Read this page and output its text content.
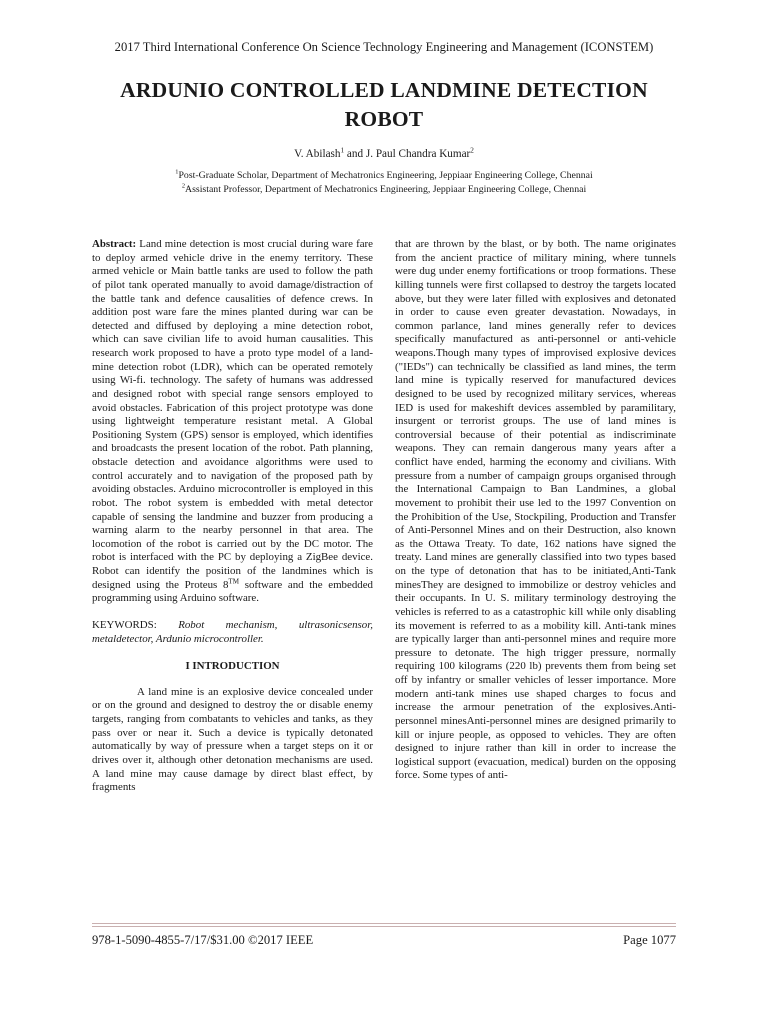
2017 Third International Conference On Science Technology Engineering and Management (ICONSTEM)
ARDUNIO CONTROLLED LANDMINE DETECTION
ROBOT
V. Abilash$^1$ and J. Paul Chandra Kumar$^2$
$^1$Post-Graduate Scholar, Department of Mechatronics Engineering, Jeppiaar Engineering College, Chennai
$^2$Assistant Professor, Department of Mechatronics Engineering, Jeppiaar Engineering College, Chennai

Abstract: Land mine detection is most crucial during ware fare to deploy armed vehicle drive in the enemy territory. These armed vehicle or Main battle tanks are used to follow the path of pilot tank operated manually to avoid damage/distraction of the battle tank and defence causalities of defence crews. In addition post ware fare the mines planted during war can be detected and diffused by deploying a mine detection robot, which can save civilian life to avoid human causalities. This research work proposed to have a proto type model of a land-mine detection robot (LDR), which can be operated remotely using Wi-fi. technology. The safety of humans was addressed and designed robot with special range sensors employed to avoid obstacles. Fabrication of this project prototype was done using lightweight temperature resistant metal. A Global Positioning System (GPS) sensor is employed, which identifies and broadcasts the present location of the robot. Path planning, obstacle detection and avoidance algorithms were used to control accurately and to navigation of the proposed path by avoiding obstacles. Arduino microcontroller is employed in this robot. The robot system is embedded with metal detector capable of sensing the landmine and buzzer from producing a warning alarm to the nearby personnel in that area. The locomotion of the robot is carried out by the DC motor. The robot is interfaced with the PC by deploying a ZigBee device. Robot can identify the position of the landmines which is designed using the Proteus 8™ software and the embedded programming using Arduino software.

KEYWORDS: Robot mechanism, ultrasonicsensor, metaldetector, Ardunio microcontroller.

I INTRODUCTION

A land mine is an explosive device concealed under or on the ground and designed to destroy the or disable enemy targets, ranging from combatants to vehicles and tanks, as they pass over or near it. Such a device is typically detonated automatically by way of pressure when a target steps on it or drives over it, although other detonation mechanisms are used. A land mine may cause damage by direct blast effect, by fragments

that are thrown by the blast, or by both. The name originates from the ancient practice of military mining, where tunnels were dug under enemy fortifications or troop formations. These killing tunnels were first collapsed to destroy the targets located above, but they were later filled with explosives and detonated in order to cause even greater devastation. Nowadays, in common parlance, land mines generally refer to devices specifically manufactured as anti-personnel or anti-vehicle weapons.Though many types of improvised explosive devices ("IEDs") can technically be classified as land mines, the term land mine is typically reserved for manufactured devices designed to be used by recognized military services, whereas IED is used for makeshift devices assembled by paramilitary, insurgent or terrorist groups. The use of land mines is controversial because of their potential as indiscriminate weapons. They can remain dangerous many years after a conflict have ended, harming the economy and civilians. With pressure from a number of campaign groups organised through the International Campaign to Ban Landmines, a global movement to prohibit their use led to the 1997 Convention on the Prohibition of the Use, Stockpiling, Production and Transfer of Anti-Personnel Mines and on their Destruction, also known as the Ottawa Treaty. To date, 162 nations have signed the treaty. Land mines are generally classified into two types based on the type of detonation that has to be initiated,Anti-Tank minesThey are designed to immobilize or destroy vehicles and their occupants. In U. S. military terminology destroying the vehicles is referred to as a catastrophic kill while only disabling its movement is referred to as a mobility kill. Anti-tank mines are typically larger than anti-personnel mines and require more pressure to detonate. The high trigger pressure, normally requiring 100 kilograms (220 lb) prevents them from being set off by infantry or smaller vehicles of lesser importance. More modern anti-tank mines use shaped charges to focus and increase the armour penetration of the explosives.Anti-personnel minesAnti-personnel mines are designed primarily to kill or injure people, as opposed to vehicles. They are often designed to injure rather than kill in order to increase the logistical support (evacuation, medical) burden on the opposing force. Some types of anti-

978-1-5090-4855-7/17/$31.00 ©2017 IEEE	Page 1077
